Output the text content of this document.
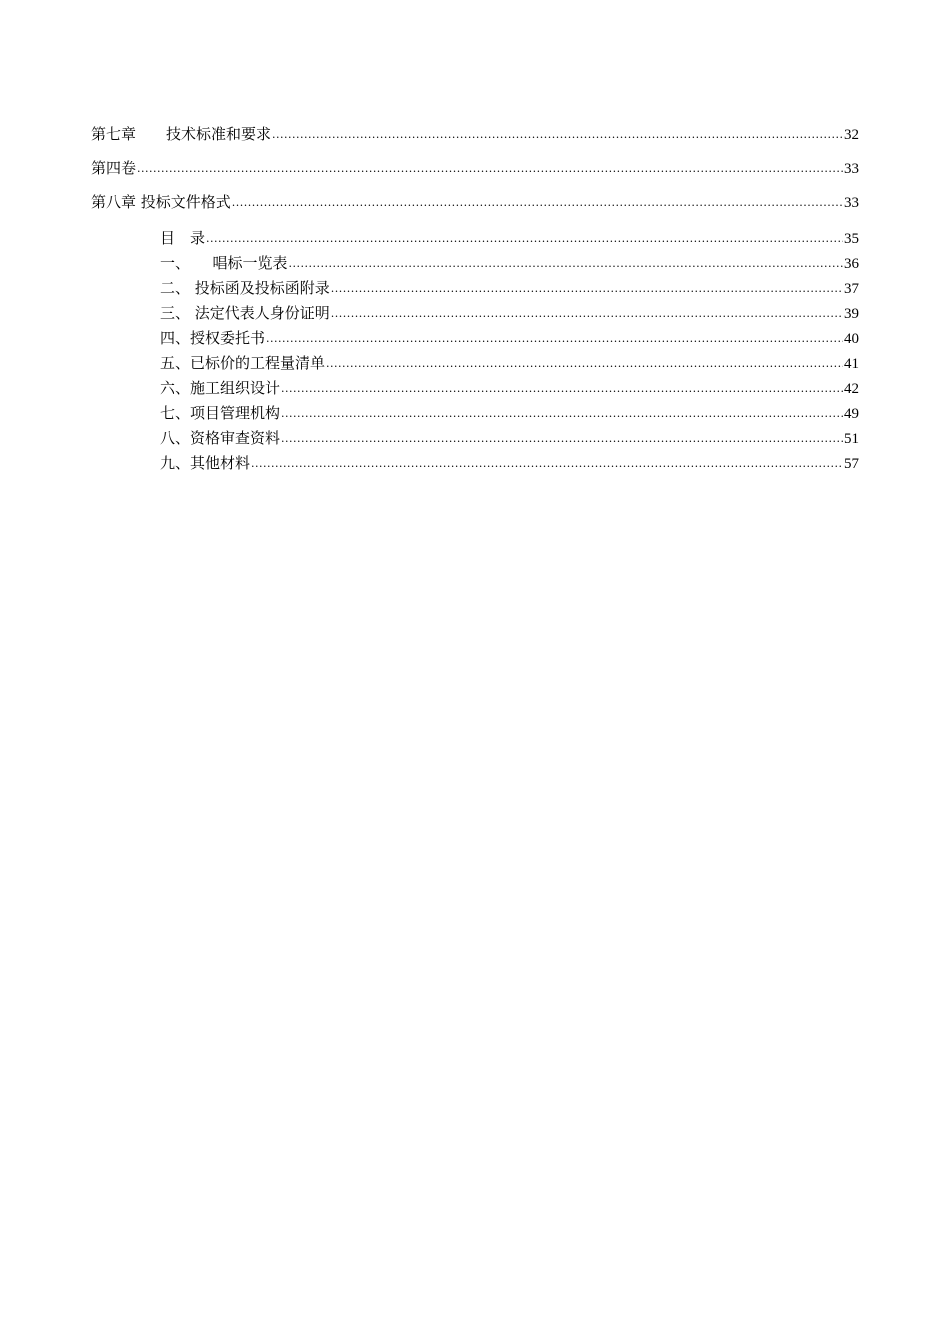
第七章　　技术标准和要求 .....	32
第四卷 .....	33
第八章 投标文件格式 .....	33
目　录 .....	35
一、　　唱标一览表 .....	36
二、 投标函及投标函附录 .....	37
三、 法定代表人身份证明 .....	39
四、授权委托书 .....	40
五、已标价的工程量清单 .....	41
六、施工组织设计 .....	42
七、项目管理机构 .....	49
八、资格审查资料 .....	51
九、其他材料 .....	57
